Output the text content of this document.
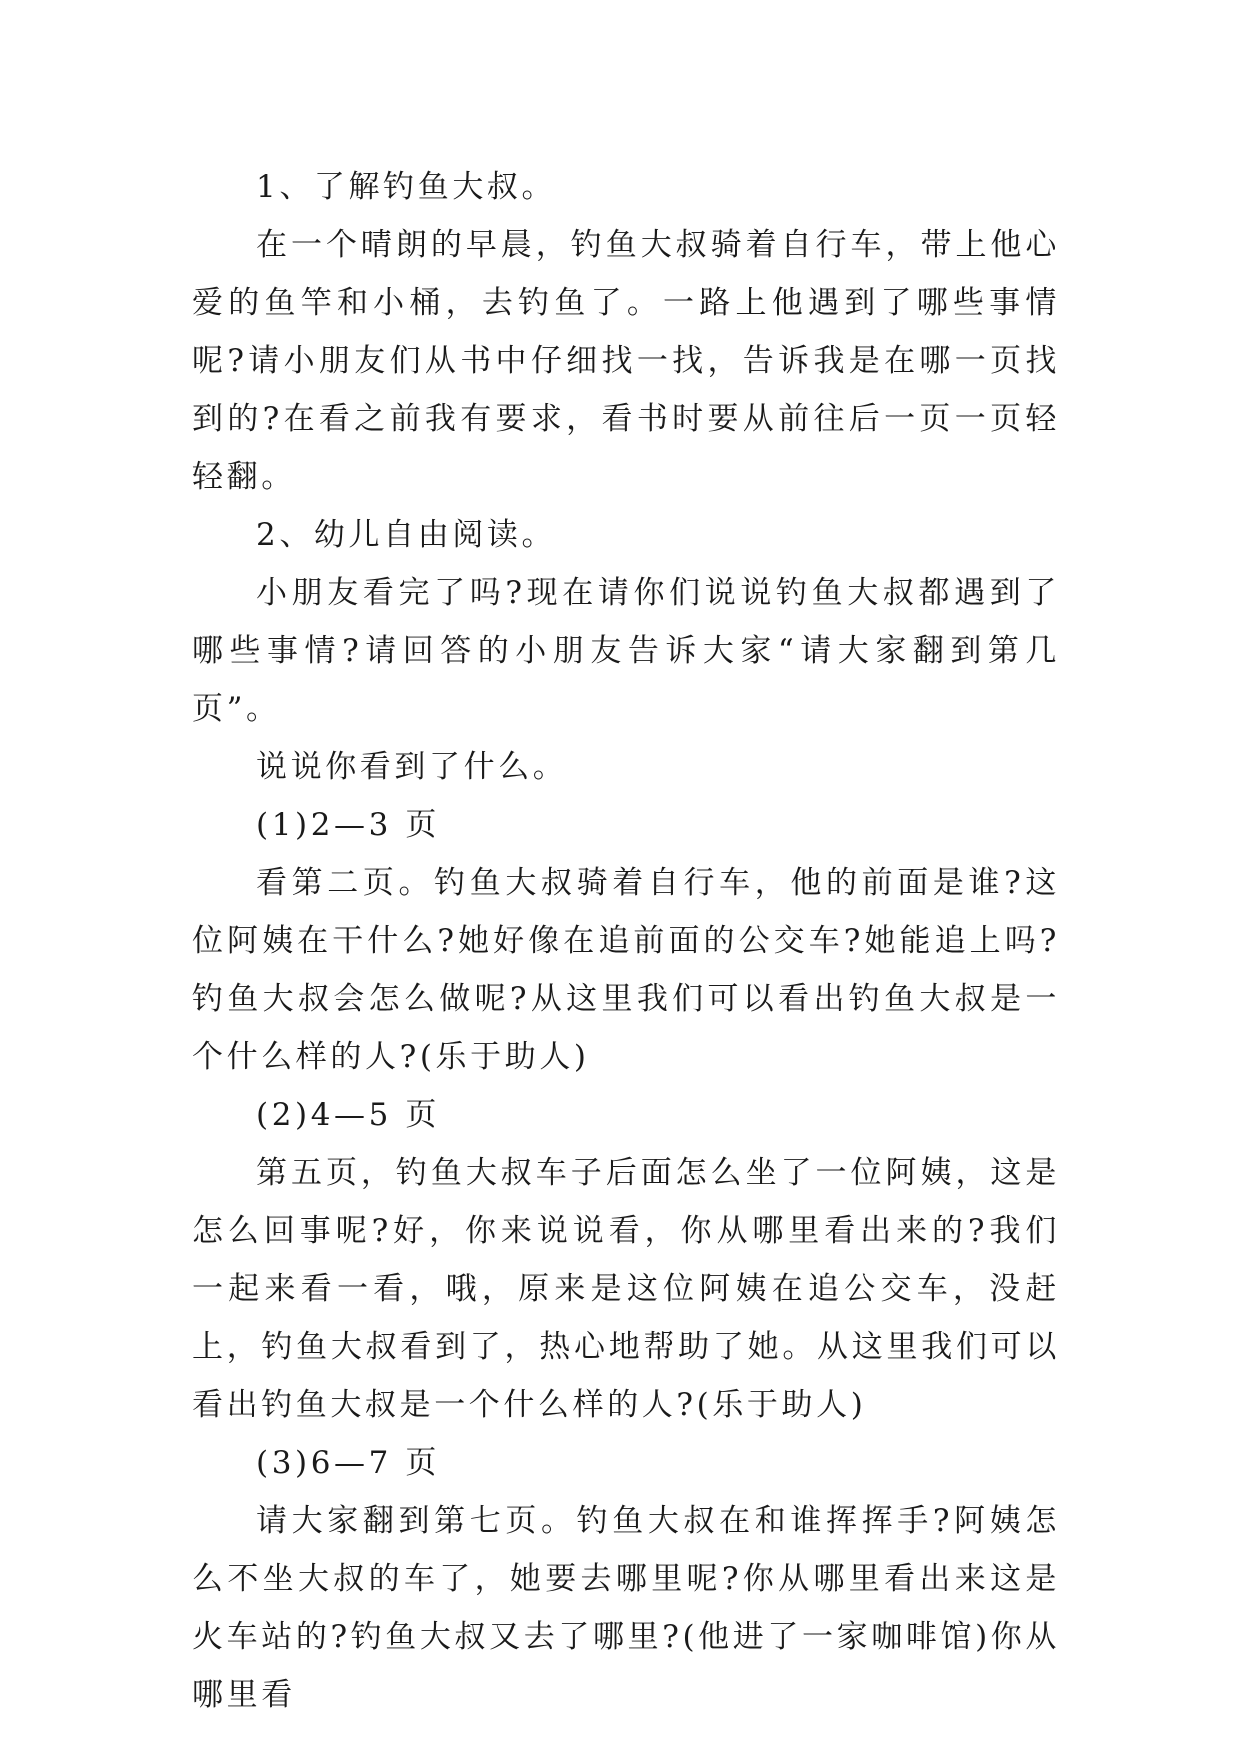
1、了解钓鱼大叔。

在一个晴朗的早晨，钓鱼大叔骑着自行车，带上他心爱的鱼竿和小桶，去钓鱼了。一路上他遇到了哪些事情呢?请小朋友们从书中仔细找一找，告诉我是在哪一页找到的?在看之前我有要求，看书时要从前往后一页一页轻轻翻。

2、幼儿自由阅读。

小朋友看完了吗?现在请你们说说钓鱼大叔都遇到了哪些事情?请回答的小朋友告诉大家“请大家翻到第几页”。

说说你看到了什么。

(1)2—3 页

看第二页。钓鱼大叔骑着自行车，他的前面是谁?这位阿姨在干什么?她好像在追前面的公交车?她能追上吗?钓鱼大叔会怎么做呢?从这里我们可以看出钓鱼大叔是一个什么样的人?(乐于助人)

(2)4—5 页

第五页，钓鱼大叔车子后面怎么坐了一位阿姨，这是怎么回事呢?好，你来说说看，你从哪里看出来的?我们一起来看一看，哦，原来是这位阿姨在追公交车，没赶上，钓鱼大叔看到了，热心地帮助了她。从这里我们可以看出钓鱼大叔是一个什么样的人?(乐于助人)

(3)6—7 页

请大家翻到第七页。钓鱼大叔在和谁挥挥手?阿姨怎么不坐大叔的车了，她要去哪里呢?你从哪里看出来这是火车站的?钓鱼大叔又去了哪里?(他进了一家咖啡馆)你从哪里看
